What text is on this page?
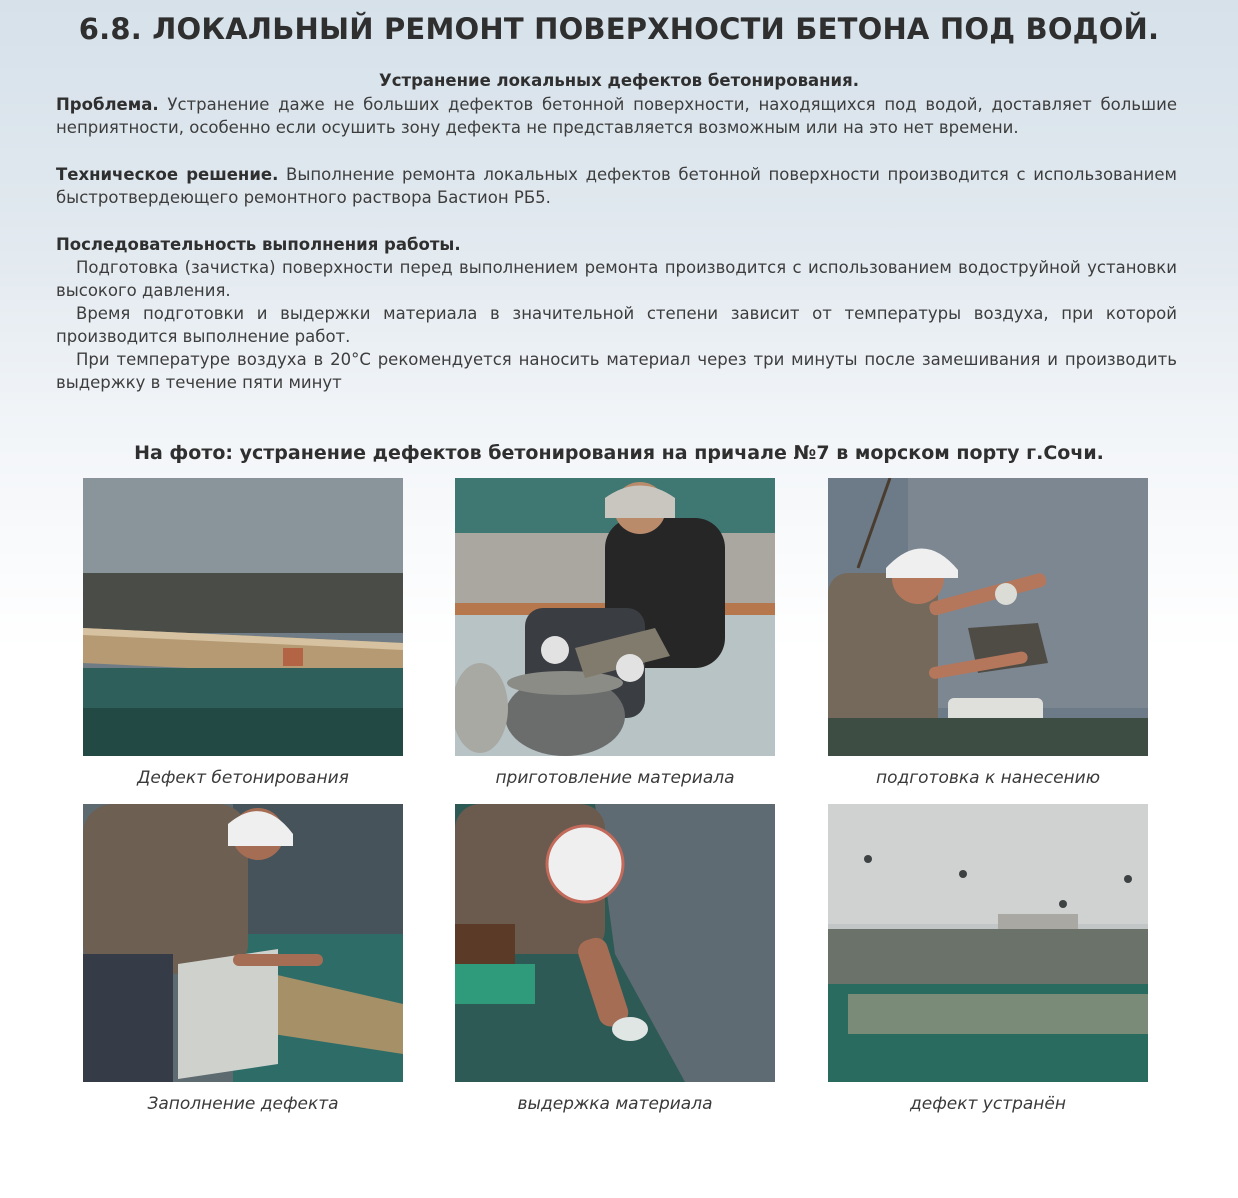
6.8. ЛОКАЛЬНЫЙ РЕМОНТ ПОВЕРХНОСТИ БЕТОНА ПОД ВОДОЙ.
Устранение локальных дефектов бетонирования.
Проблема. Устранение даже не больших дефектов бетонной поверхности, находящихся под водой, доставляет большие неприятности, особенно если осушить зону дефекта не представляется возможным или на это нет времени.
Техническое решение. Выполнение ремонта локальных дефектов бетонной поверхности производится с использованием быстротвердеющего ремонтного раствора Бастион РБ5.
Последовательность выполнения работы.
Подготовка (зачистка) поверхности перед выполнением ремонта производится с использованием водоструйной установки высокого давления.
Время подготовки и выдержки материала в значительной степени зависит от температуры воздуха, при которой производится выполнение работ.
При температуре воздуха в 20°С рекомендуется наносить материал через три минуты после замешивания и производить выдержку в течение пяти минут
На фото: устранение дефектов бетонирования на причале №7 в морском порту г.Сочи.
Дефект бетонирования	приготовление материала	подготовка к нанесению
Заполнение дефекта	выдержка материала	дефект устранён
